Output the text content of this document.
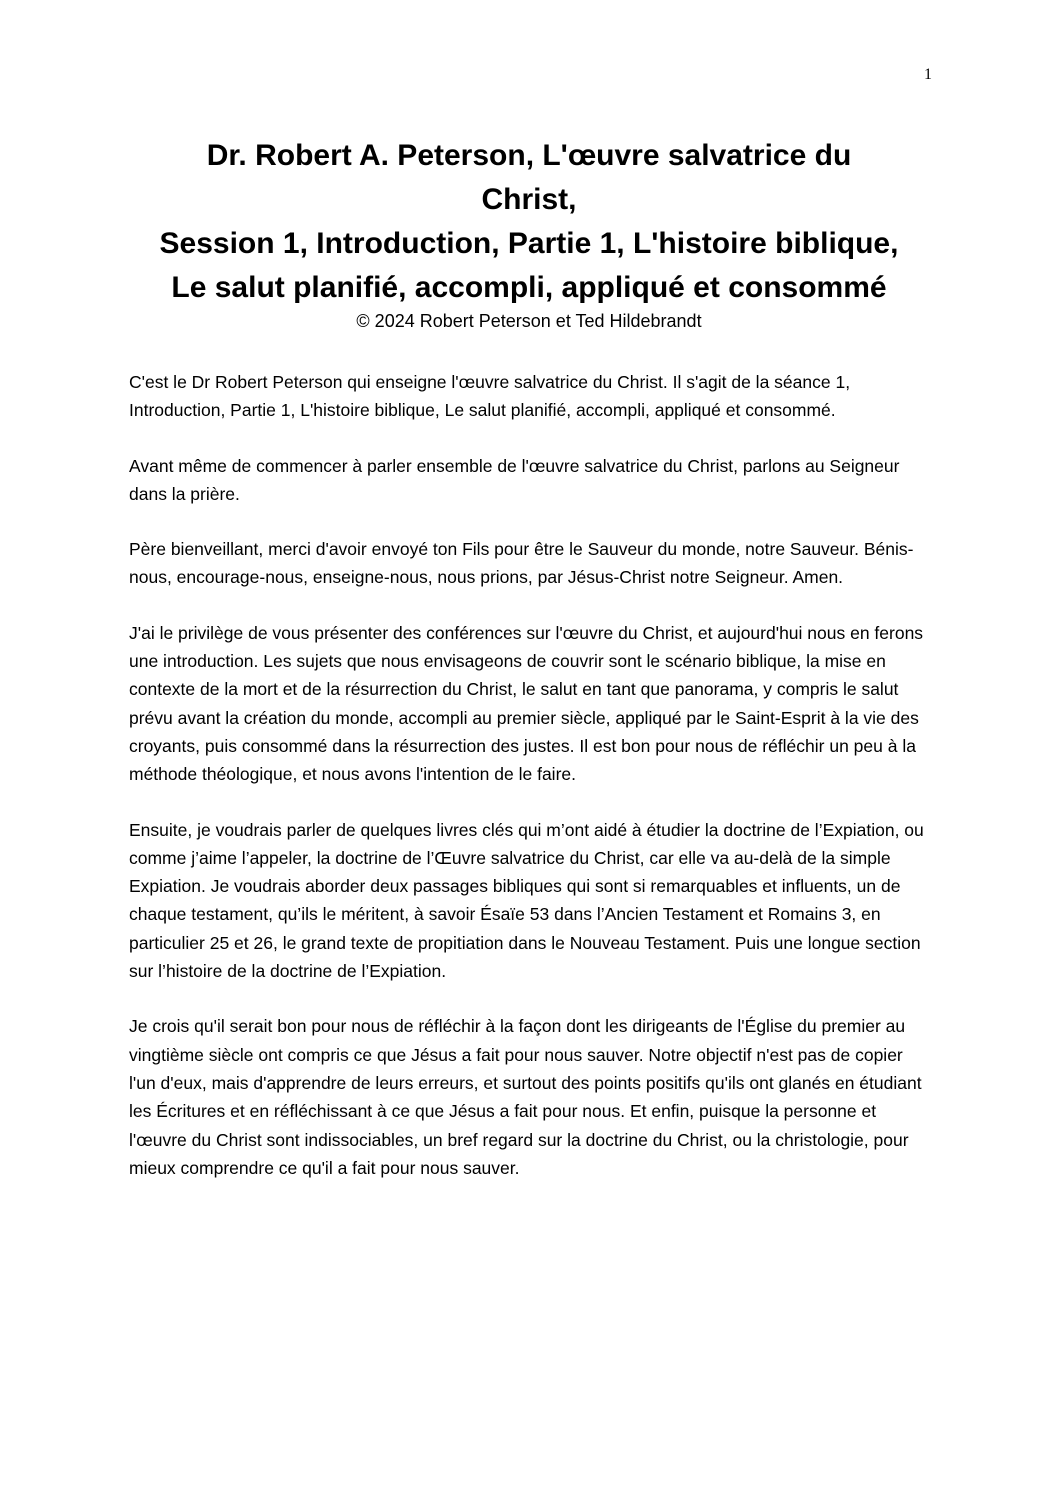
1
Dr. Robert A. Peterson, L'œuvre salvatrice du
Christ,
Session 1, Introduction, Partie 1, L'histoire biblique,
Le salut planifié, accompli, appliqué et consommé

© 2024 Robert Peterson et Ted Hildebrandt

C'est le Dr Robert Peterson qui enseigne l'œuvre salvatrice du Christ. Il s'agit de la séance 1, Introduction, Partie 1, L'histoire biblique, Le salut planifié, accompli, appliqué et consommé.

Avant même de commencer à parler ensemble de l'œuvre salvatrice du Christ, parlons au Seigneur dans la prière.

Père bienveillant, merci d'avoir envoyé ton Fils pour être le Sauveur du monde, notre Sauveur. Bénis-nous, encourage-nous, enseigne-nous, nous prions, par Jésus-Christ notre Seigneur. Amen.

J'ai le privilège de vous présenter des conférences sur l'œuvre du Christ, et aujourd'hui nous en ferons une introduction. Les sujets que nous envisageons de couvrir sont le scénario biblique, la mise en contexte de la mort et de la résurrection du Christ, le salut en tant que panorama, y compris le salut prévu avant la création du monde, accompli au premier siècle, appliqué par le Saint-Esprit à la vie des croyants, puis consommé dans la résurrection des justes. Il est bon pour nous de réfléchir un peu à la méthode théologique, et nous avons l'intention de le faire.

Ensuite, je voudrais parler de quelques livres clés qui m’ont aidé à étudier la doctrine de l’Expiation, ou comme j’aime l’appeler, la doctrine de l’Œuvre salvatrice du Christ, car elle va au-delà de la simple Expiation. Je voudrais aborder deux passages bibliques qui sont si remarquables et influents, un de chaque testament, qu’ils le méritent, à savoir Ésaïe 53 dans l’Ancien Testament et Romains 3, en particulier 25 et 26, le grand texte de propitiation dans le Nouveau Testament. Puis une longue section sur l’histoire de la doctrine de l’Expiation.

Je crois qu'il serait bon pour nous de réfléchir à la façon dont les dirigeants de l'Église du premier au vingtième siècle ont compris ce que Jésus a fait pour nous sauver. Notre objectif n'est pas de copier l'un d'eux, mais d'apprendre de leurs erreurs, et surtout des points positifs qu'ils ont glanés en étudiant les Écritures et en réfléchissant à ce que Jésus a fait pour nous. Et enfin, puisque la personne et l'œuvre du Christ sont indissociables, un bref regard sur la doctrine du Christ, ou la christologie, pour mieux comprendre ce qu'il a fait pour nous sauver.
